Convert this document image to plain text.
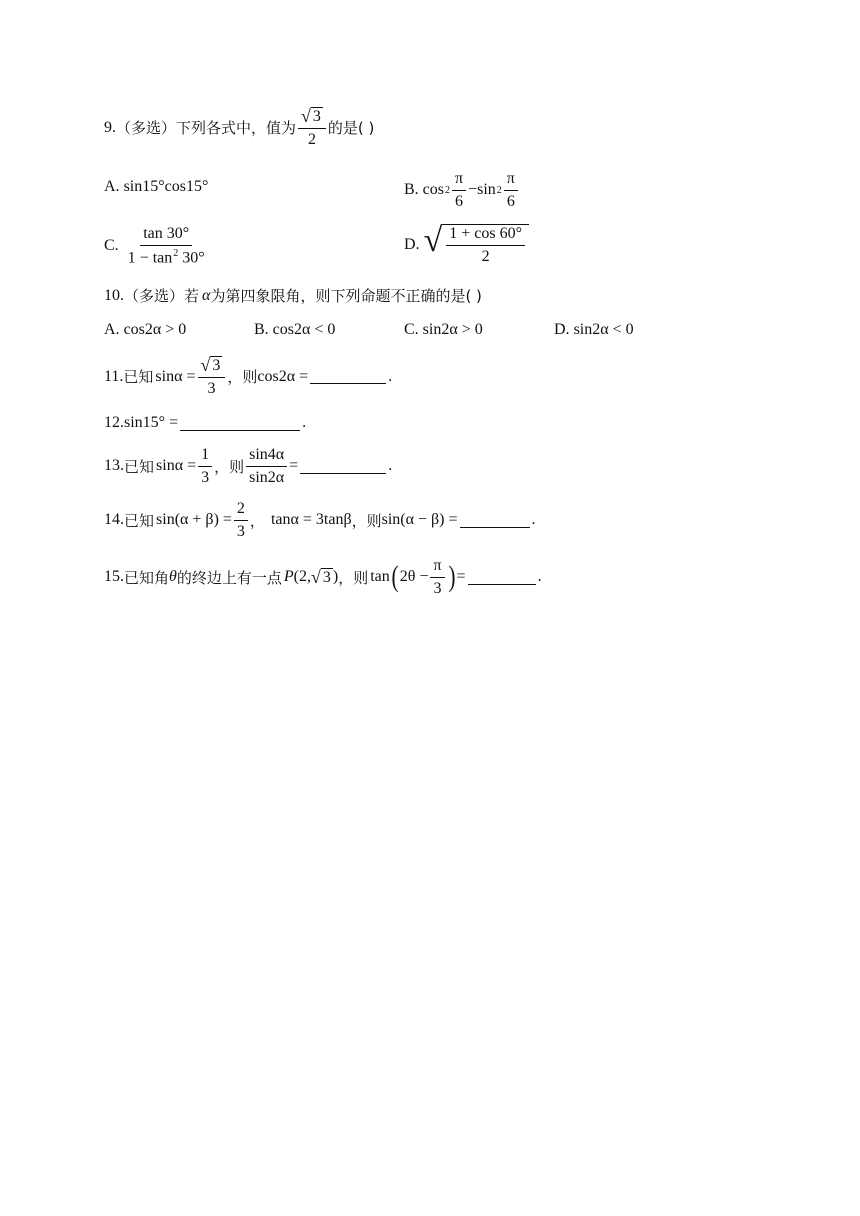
9. （多选） 下列各式中，值为 $\frac{√ 3}{2}$ 的是( )
A. sin15°cos15°	B. $\cos 2 \frac{\pi}{6} - \sin 2 \frac{\pi}{6}$
C. $\frac{\tan 30^\circ}{1 - \tan^2 30^\circ}$	D. √ $\frac{1 + \cos 60^\circ}{2}$
10. （多选） 若 α 为第四象限角，则下列命题不正确的是( )
A. cos2α > 0	B. cos2α < 0	C. sin2α > 0	D. sin2α < 0
11. 已知 $\sin\alpha = \frac{√ 3}{3}$ ，则 cos2α =	.
12. sin15° =	.
13. 已知 $\sin\alpha = \frac{1}{3}$ ，则 $\frac{\sin 4\alpha}{\sin 2\alpha}$ =	.
14. 已知 $\sin(\alpha + \beta) = \frac{2}{3}$ ， tanα = 3tanβ ，则 sin(α − β) =	.
15. 已知角 θ 的终边上有一点 P (2, √ 3 ) ，则 tan ( $2\theta - \frac{\pi}{3}$ ) =	.
